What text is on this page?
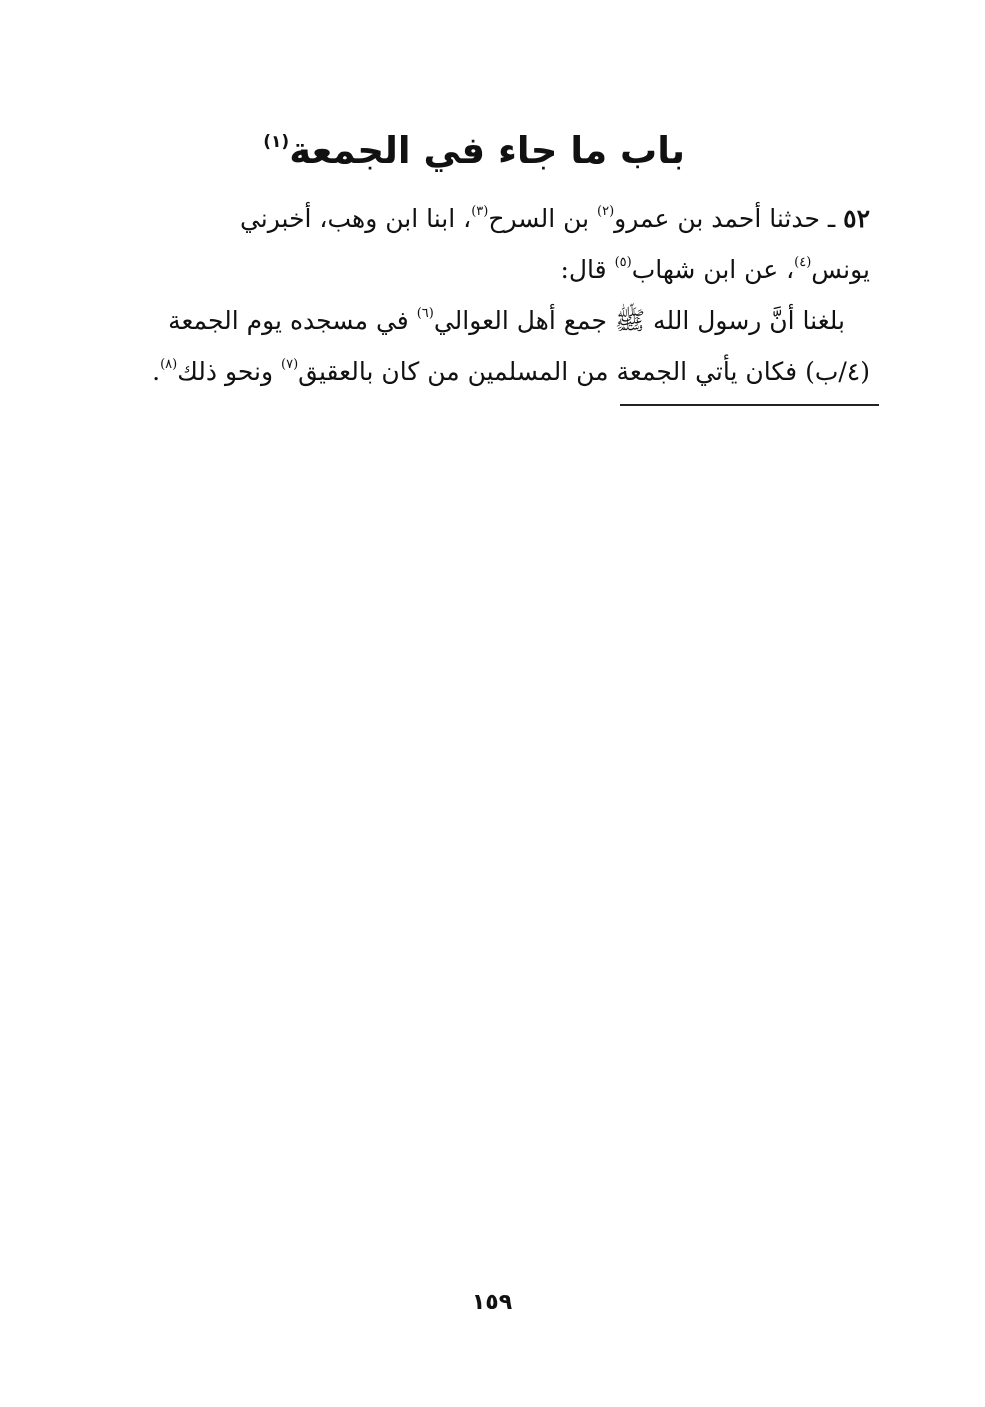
باب ما جاء في الجمعة$^{(١)}$
٥٢ ـ حدثنا أحمد بن عمرو$^{(٢)}$ بن السرح$^{(٣)}$، ابنا ابن وهب، أخبرني
يونس$^{(٤)}$، عن ابن شهاب$^{(٥)}$ قال:
 بلغنا أنَّ رسول الله ﷺ جمع أهل العوالي$^{(٦)}$ في مسجده يوم الجمعة
(٤/ب) فكان يأتي الجمعة من المسلمين من كان بالعقيق$^{(٧)}$ ونحو ذلك$^{(٨)}$.
١٥٩
